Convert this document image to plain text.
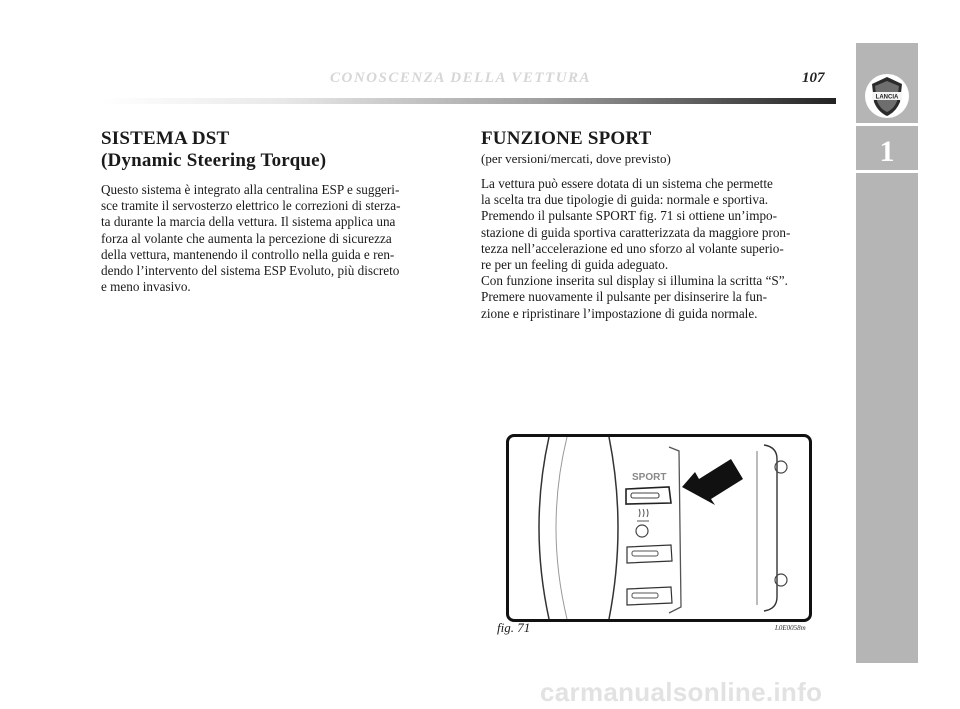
CONOSCENZA DELLA VETTURA	107
LANCIA
1
SISTEMA DST
(Dynamic Steering Torque)

Questo sistema è integrato alla centralina ESP e suggeri-
sce tramite il servosterzo elettrico le correzioni di sterza-
ta durante la marcia della vettura. Il sistema applica una
forza al volante che aumenta la percezione di sicurezza
della vettura, mantenendo il controllo nella guida e ren-
dendo l’intervento del sistema ESP Evoluto, più discreto
e meno invasivo.

FUNZIONE SPORT
(per versioni/mercati, dove previsto)

La vettura può essere dotata di un sistema che permette
la scelta tra due tipologie di guida: normale e sportiva.
Premendo il pulsante SPORT fig. 71 si ottiene un’impo-
stazione di guida sportiva caratterizzata da maggiore pron-
tezza nell’accelerazione ed uno sforzo al volante superio-
re per un feeling di guida adeguato.
Con funzione inserita sul display si illumina la scritta “S”.
Premere nuovamente il pulsante per disinserire la fun-
zione e ripristinare l’impostazione di guida normale.

SPORT
fig. 71	L0E0058m
carmanualsonline.info
